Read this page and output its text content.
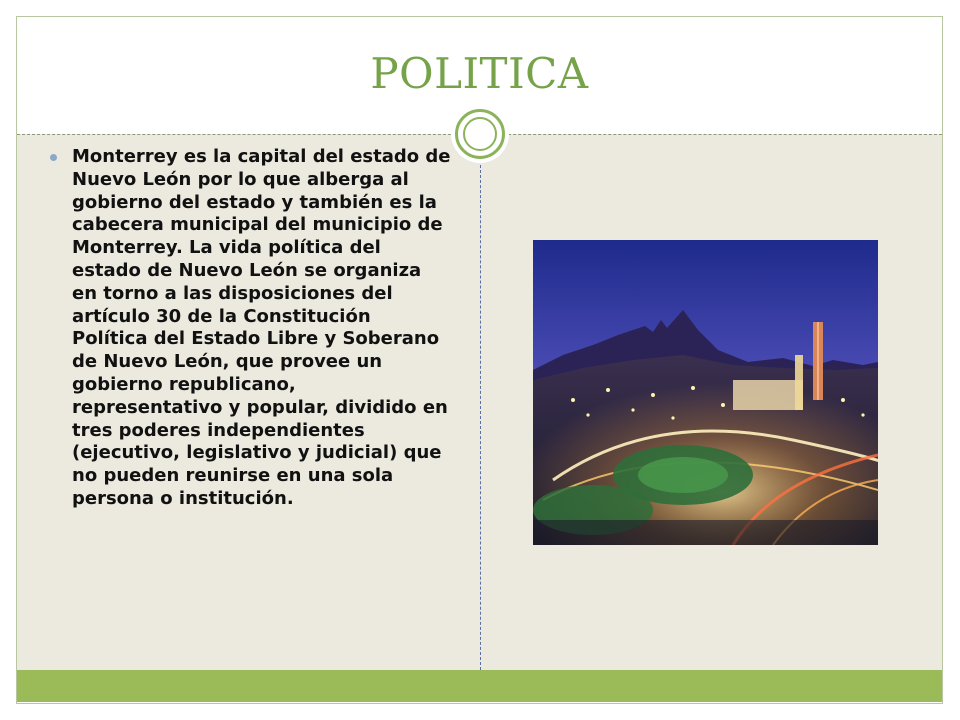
POLITICA
Monterrey es la capital del estado de Nuevo León por lo que alberga al gobierno del estado y también es la cabecera municipal del municipio de Monterrey. La vida política del estado de Nuevo León se organiza en torno a las disposiciones del artículo 30 de la Constitución Política del Estado Libre y Soberano de Nuevo León, que provee un gobierno republicano, representativo y popular, dividido en tres poderes independientes (ejecutivo, legislativo y judicial) que no pueden reunirse en una sola persona o institución.
